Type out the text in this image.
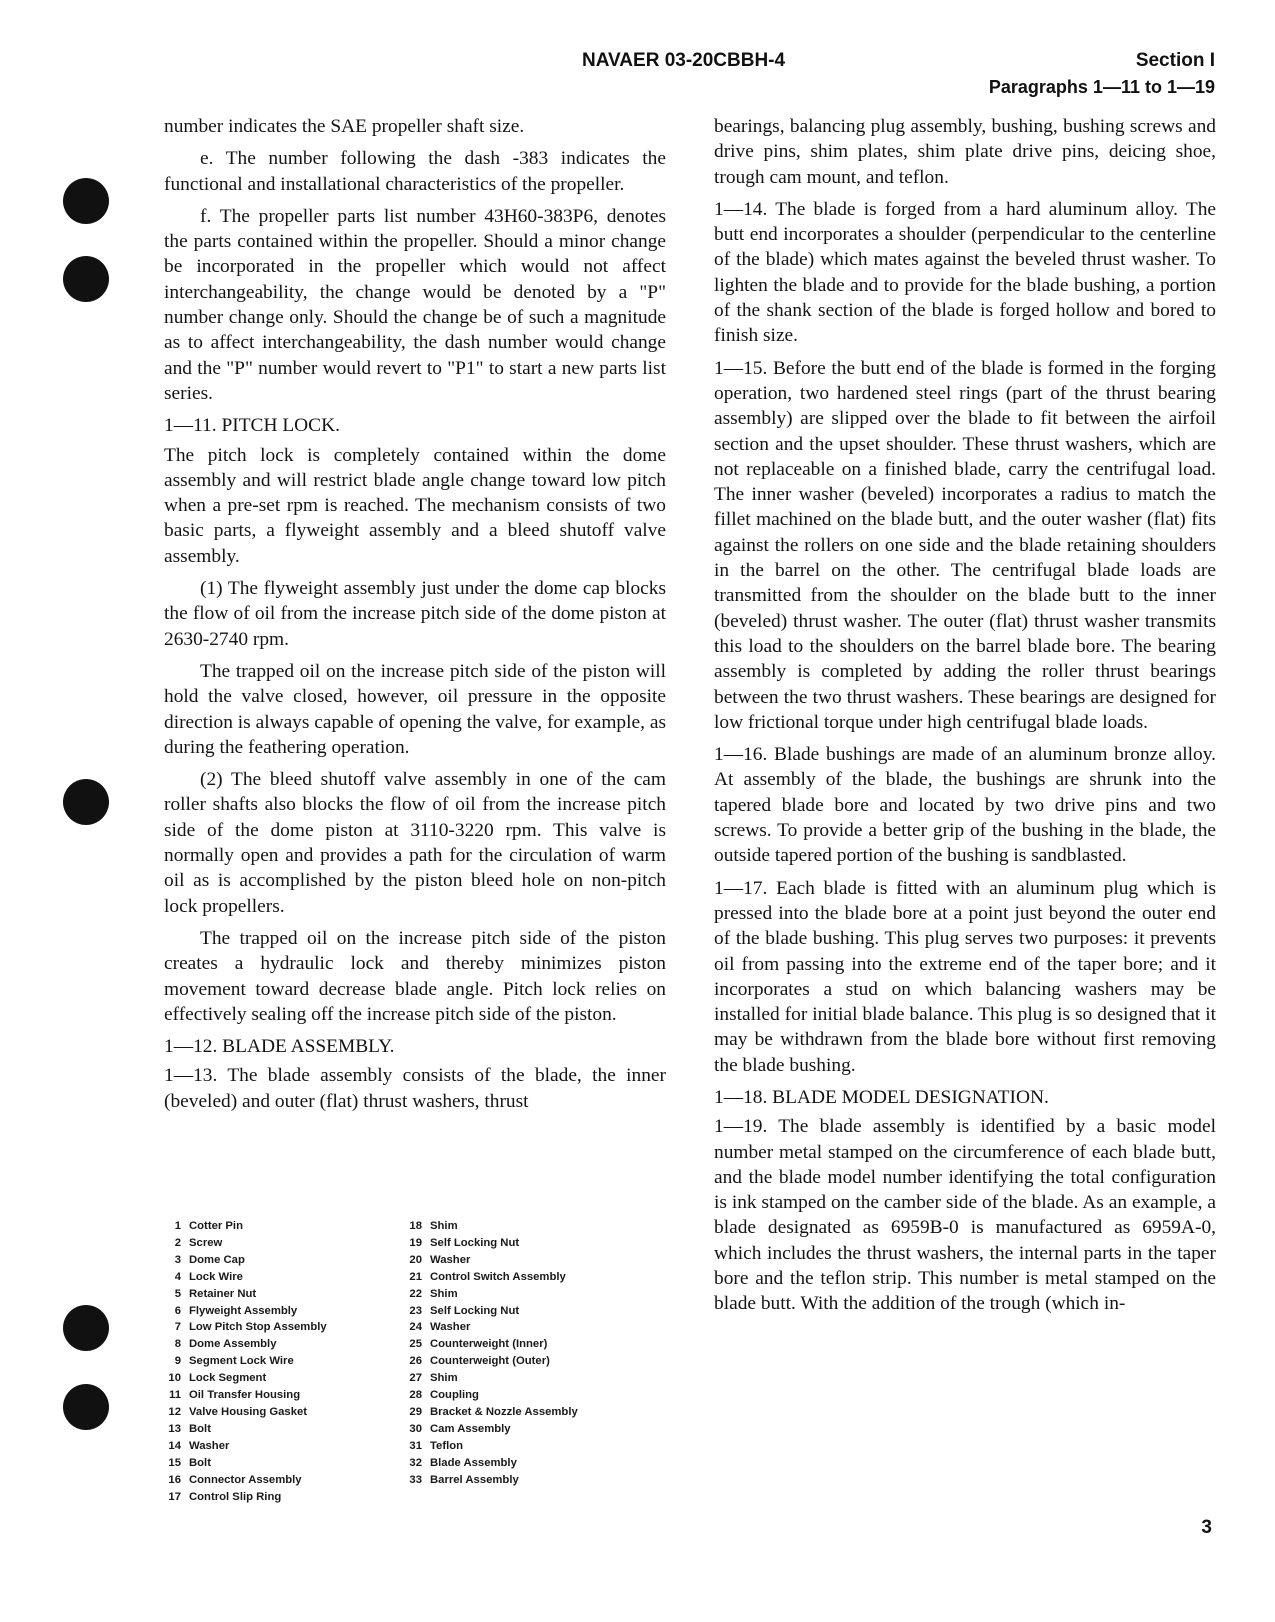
NAVAER 03-20CBBH-4	Section I
Paragraphs 1—11 to 1—19

number indicates the SAE propeller shaft size.

e. The number following the dash -383 indicates the functional and installational characteristics of the propeller.

f. The propeller parts list number 43H60-383P6, denotes the parts contained within the propeller. Should a minor change be incorporated in the propeller which would not affect interchangeability, the change would be denoted by a "P" number change only. Should the change be of such a magnitude as to affect interchangeability, the dash number would change and the "P" number would revert to "P1" to start a new parts list series.

1—11. PITCH LOCK.

The pitch lock is completely contained within the dome assembly and will restrict blade angle change toward low pitch when a pre-set rpm is reached. The mechanism consists of two basic parts, a flyweight assembly and a bleed shutoff valve assembly.

(1) The flyweight assembly just under the dome cap blocks the flow of oil from the increase pitch side of the dome piston at 2630-2740 rpm.

The trapped oil on the increase pitch side of the piston will hold the valve closed, however, oil pressure in the opposite direction is always capable of opening the valve, for example, as during the feathering operation.

(2) The bleed shutoff valve assembly in one of the cam roller shafts also blocks the flow of oil from the increase pitch side of the dome piston at 3110-3220 rpm. This valve is normally open and provides a path for the circulation of warm oil as is accomplished by the piston bleed hole on non-pitch lock propellers.

The trapped oil on the increase pitch side of the piston creates a hydraulic lock and thereby minimizes piston movement toward decrease blade angle. Pitch lock relies on effectively sealing off the increase pitch side of the piston.

1—12. BLADE ASSEMBLY.

1—13. The blade assembly consists of the blade, the inner (beveled) and outer (flat) thrust washers, thrust

bearings, balancing plug assembly, bushing, bushing screws and drive pins, shim plates, shim plate drive pins, deicing shoe, trough cam mount, and teflon.

1—14. The blade is forged from a hard aluminum alloy. The butt end incorporates a shoulder (perpendicular to the centerline of the blade) which mates against the beveled thrust washer. To lighten the blade and to provide for the blade bushing, a portion of the shank section of the blade is forged hollow and bored to finish size.

1—15. Before the butt end of the blade is formed in the forging operation, two hardened steel rings (part of the thrust bearing assembly) are slipped over the blade to fit between the airfoil section and the upset shoulder. These thrust washers, which are not replaceable on a finished blade, carry the centrifugal load. The inner washer (beveled) incorporates a radius to match the fillet machined on the blade butt, and the outer washer (flat) fits against the rollers on one side and the blade retaining shoulders in the barrel on the other. The centrifugal blade loads are transmitted from the shoulder on the blade butt to the inner (beveled) thrust washer. The outer (flat) thrust washer transmits this load to the shoulders on the barrel blade bore. The bearing assembly is completed by adding the roller thrust bearings between the two thrust washers. These bearings are designed for low frictional torque under high centrifugal blade loads.

1—16. Blade bushings are made of an aluminum bronze alloy. At assembly of the blade, the bushings are shrunk into the tapered blade bore and located by two drive pins and two screws. To provide a better grip of the bushing in the blade, the outside tapered portion of the bushing is sandblasted.

1—17. Each blade is fitted with an aluminum plug which is pressed into the blade bore at a point just beyond the outer end of the blade bushing. This plug serves two purposes: it prevents oil from passing into the extreme end of the taper bore; and it incorporates a stud on which balancing washers may be installed for initial blade balance. This plug is so designed that it may be withdrawn from the blade bore without first removing the blade bushing.

1—18. BLADE MODEL DESIGNATION.

1—19. The blade assembly is identified by a basic model number metal stamped on the circumference of each blade butt, and the blade model number identifying the total configuration is ink stamped on the camber side of the blade. As an example, a blade designated as 6959B-0 is manufactured as 6959A-0, which includes the thrust washers, the internal parts in the taper bore and the teflon strip. This number is metal stamped on the blade butt. With the addition of the trough (which in-

1 Cotter Pin
2 Screw
3 Dome Cap
4 Lock Wire
5 Retainer Nut
6 Flyweight Assembly
7 Low Pitch Stop Assembly
8 Dome Assembly
9 Segment Lock Wire
10 Lock Segment
11 Oil Transfer Housing
12 Valve Housing Gasket
13 Bolt
14 Washer
15 Bolt
16 Connector Assembly
17 Control Slip Ring
18 Shim
19 Self Locking Nut
20 Washer
21 Control Switch Assembly
22 Shim
23 Self Locking Nut
24 Washer
25 Counterweight (Inner)
26 Counterweight (Outer)
27 Shim
28 Coupling
29 Bracket & Nozzle Assembly
30 Cam Assembly
31 Teflon
32 Blade Assembly
33 Barrel Assembly
3
